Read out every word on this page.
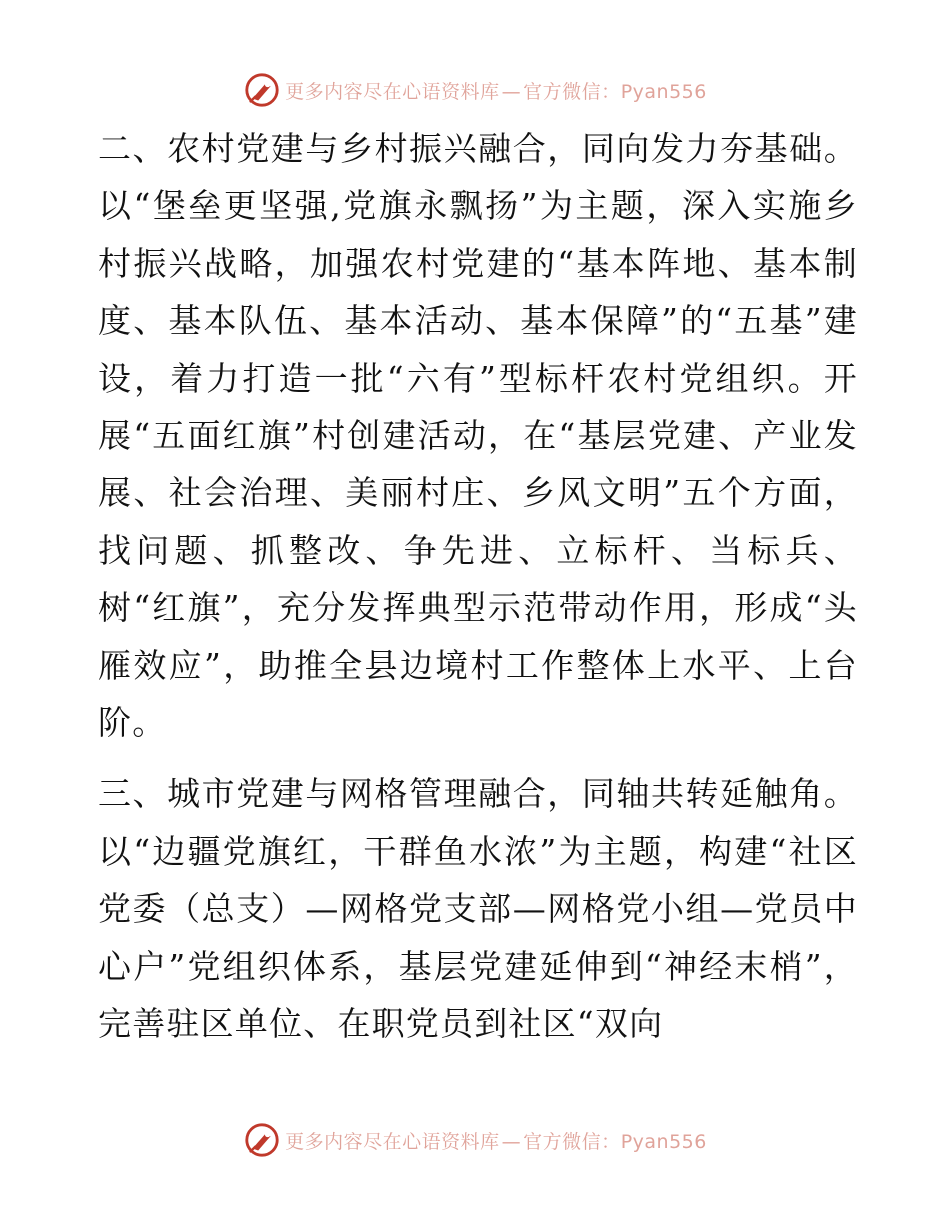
更多内容尽在心语资料库 — 官方微信：Pyan556

二、农村党建与乡村振兴融合，同向发力夯基础。以“堡垒更坚强,党旗永飘扬”为主题，深入实施乡村振兴战略，加强农村党建的“基本阵地、基本制度、基本队伍、基本活动、基本保障”的“五基”建设，着力打造一批“六有”型标杆农村党组织。开展“五面红旗”村创建活动，在“基层党建、产业发展、社会治理、美丽村庄、乡风文明”五个方面，找问题、抓整改、争先进、立标杆、当标兵、树“红旗”，充分发挥典型示范带动作用，形成“头雁效应”，助推全县边境村工作整体上水平、上台阶。

三、城市党建与网格管理融合，同轴共转延触角。以“边疆党旗红，干群鱼水浓”为主题，构建“社区党委（总支）—网格党支部—网格党小组—党员中心户”党组织体系，基层党建延伸到“神经末梢”，完善驻区单位、在职党员到社区“双向

更多内容尽在心语资料库 — 官方微信：Pyan556
